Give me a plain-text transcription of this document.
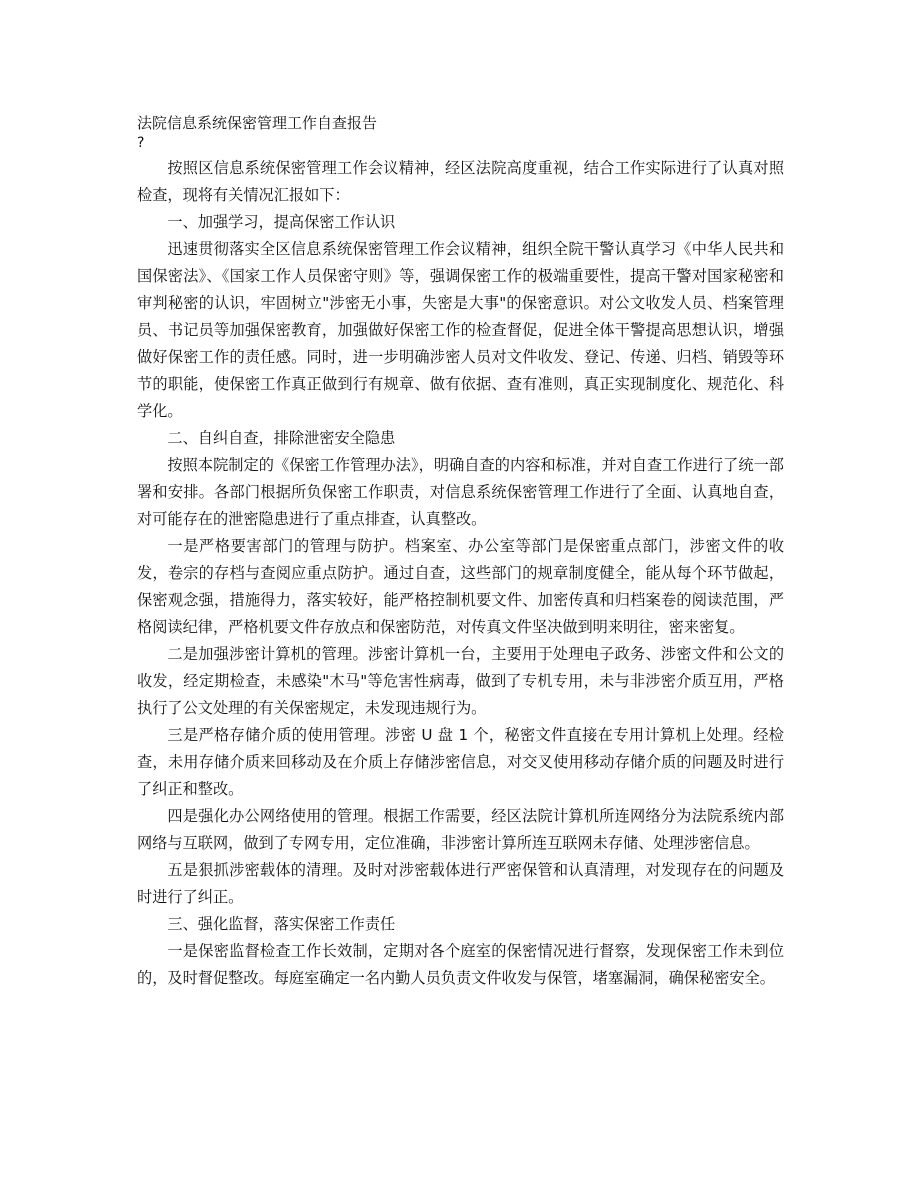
法院信息系统保密管理工作自查报告
?

按照区信息系统保密管理工作会议精神，经区法院高度重视，结合工作实际进行了认真对照检查，现将有关情况汇报如下：

一、加强学习，提高保密工作认识

迅速贯彻落实全区信息系统保密管理工作会议精神，组织全院干警认真学习《中华人民共和国保密法》、《国家工作人员保密守则》等，强调保密工作的极端重要性，提高干警对国家秘密和审判秘密的认识，牢固树立"涉密无小事，失密是大事"的保密意识。对公文收发人员、档案管理员、书记员等加强保密教育，加强做好保密工作的检查督促，促进全体干警提高思想认识，增强做好保密工作的责任感。同时，进一步明确涉密人员对文件收发、登记、传递、归档、销毁等环节的职能，使保密工作真正做到行有规章、做有依据、查有准则，真正实现制度化、规范化、科学化。

二、自纠自查，排除泄密安全隐患

按照本院制定的《保密工作管理办法》，明确自查的内容和标准，并对自查工作进行了统一部署和安排。各部门根据所负保密工作职责，对信息系统保密管理工作进行了全面、认真地自查，对可能存在的泄密隐患进行了重点排查，认真整改。

一是严格要害部门的管理与防护。档案室、办公室等部门是保密重点部门，涉密文件的收发，卷宗的存档与查阅应重点防护。通过自查，这些部门的规章制度健全，能从每个环节做起，保密观念强，措施得力，落实较好，能严格控制机要文件、加密传真和归档案卷的阅读范围，严格阅读纪律，严格机要文件存放点和保密防范，对传真文件坚决做到明来明往，密来密复。

二是加强涉密计算机的管理。涉密计算机一台，主要用于处理电子政务、涉密文件和公文的收发，经定期检查，未感染"木马"等危害性病毒，做到了专机专用，未与非涉密介质互用，严格执行了公文处理的有关保密规定，未发现违规行为。

三是严格存储介质的使用管理。涉密 U 盘 1 个，秘密文件直接在专用计算机上处理。经检查，未用存储介质来回移动及在介质上存储涉密信息，对交叉使用移动存储介质的问题及时进行了纠正和整改。

四是强化办公网络使用的管理。根据工作需要，经区法院计算机所连网络分为法院系统内部网络与互联网，做到了专网专用，定位准确，非涉密计算所连互联网未存储、处理涉密信息。

五是狠抓涉密载体的清理。及时对涉密载体进行严密保管和认真清理，对发现存在的问题及时进行了纠正。

三、强化监督，落实保密工作责任

一是保密监督检查工作长效制，定期对各个庭室的保密情况进行督察，发现保密工作未到位的，及时督促整改。每庭室确定一名内勤人员负责文件收发与保管，堵塞漏洞，确保秘密安全。
